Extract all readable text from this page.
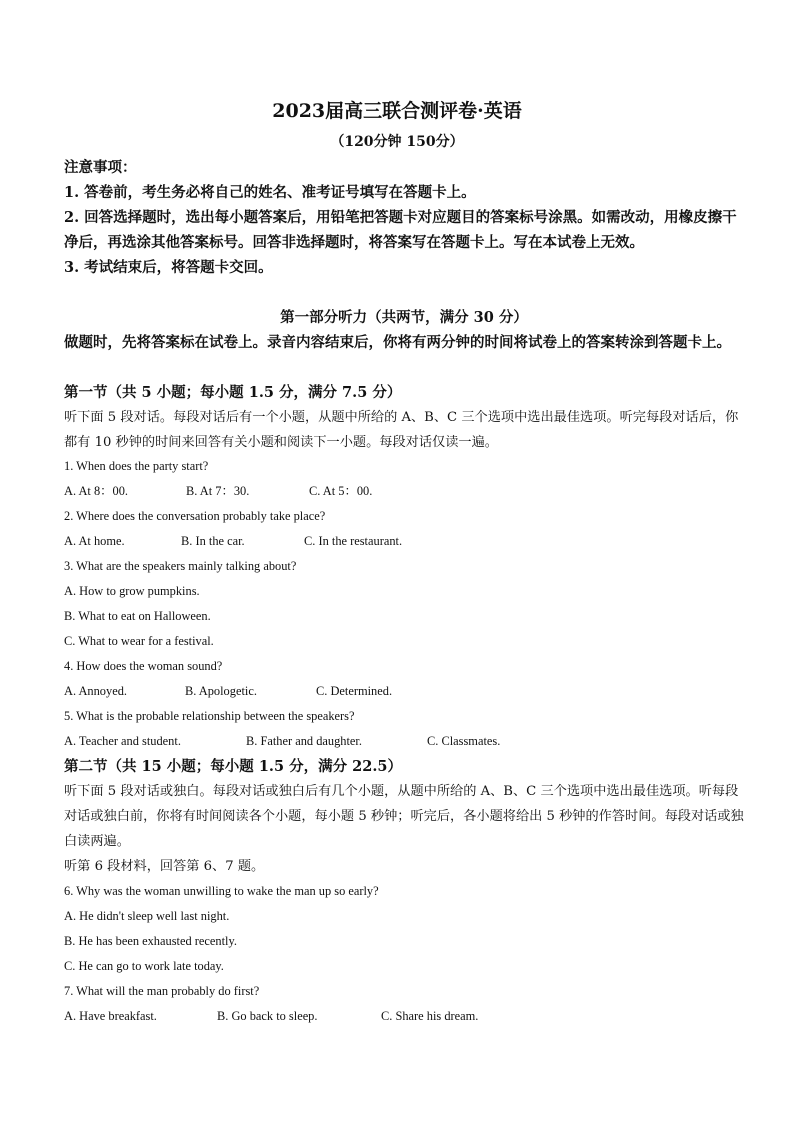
2023届高三联合测评卷·英语
（120分钟 150分）
注意事项：
1. 答卷前，考生务必将自己的姓名、准考证号填写在答题卡上。
2. 回答选择题时，选出每小题答案后，用铅笔把答题卡对应题目的答案标号涂黑。如需改动，用橡皮擦干净后，再选涂其他答案标号。回答非选择题时，将答案写在答题卡上。写在本试卷上无效。
3. 考试结束后，将答题卡交回。
第一部分听力（共两节，满分 30 分）
做题时，先将答案标在试卷上。录音内容结束后，你将有两分钟的时间将试卷上的答案转涂到答题卡上。
第一节（共 5 小题；每小题 1.5 分，满分 7.5 分）
听下面 5 段对话。每段对话后有一个小题，从题中所给的 A、B、C 三个选项中选出最佳选项。听完每段对话后，你都有 10 秒钟的时间来回答有关小题和阅读下一小题。每段对话仅读一遍。
1. When does the party start?
A. At 8：00.	B. At 7：30.	C. At 5：00.
2. Where does the conversation probably take place?
A. At home.	B. In the car.	C. In the restaurant.
3. What are the speakers mainly talking about?
A. How to grow pumpkins.
B. What to eat on Halloween.
C. What to wear for a festival.
4. How does the woman sound?
A. Annoyed.	B. Apologetic.	C. Determined.
5. What is the probable relationship between the speakers?
A. Teacher and student.	B. Father and daughter.	C. Classmates.
第二节（共 15 小题；每小题 1.5 分，满分 22.5）
听下面 5 段对话或独白。每段对话或独白后有几个小题，从题中所给的 A、B、C 三个选项中选出最佳选项。听每段对话或独白前，你将有时间阅读各个小题，每小题 5 秒钟；听完后，各小题将给出 5 秒钟的作答时间。每段对话或独白读两遍。
听第 6 段材料，回答第 6、7 题。
6. Why was the woman unwilling to wake the man up so early?
A. He didn't sleep well last night.
B. He has been exhausted recently.
C. He can go to work late today.
7. What will the man probably do first?
A. Have breakfast.	B. Go back to sleep.	C. Share his dream.
